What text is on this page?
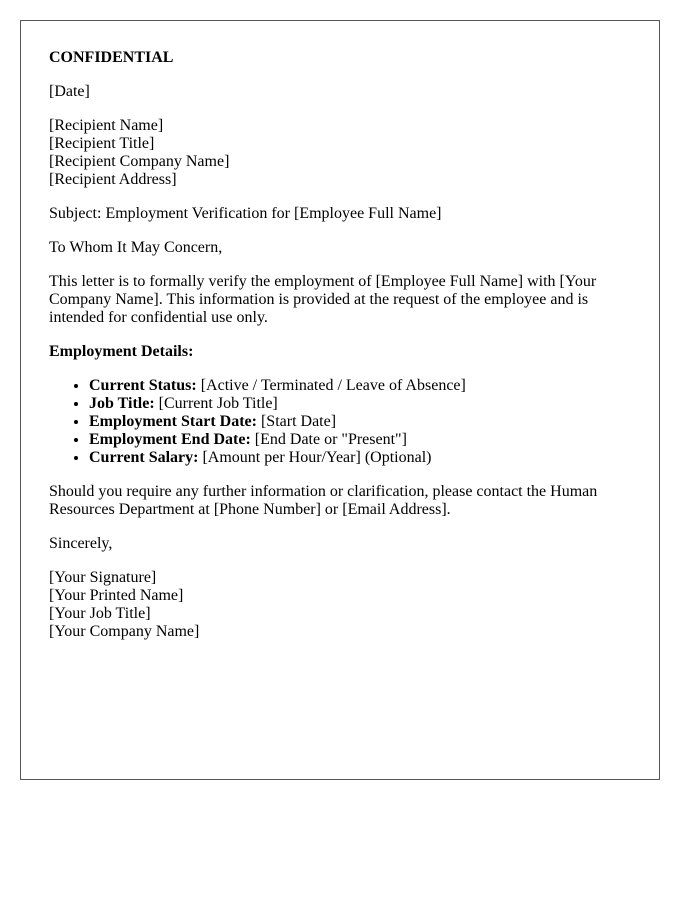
CONFIDENTIAL
[Date]
[Recipient Name]
[Recipient Title]
[Recipient Company Name]
[Recipient Address]
Subject: Employment Verification for [Employee Full Name]
To Whom It May Concern,
This letter is to formally verify the employment of [Employee Full Name] with [Your Company Name]. This information is provided at the request of the employee and is intended for confidential use only.
Employment Details:
• Current Status: [Active / Terminated / Leave of Absence]
• Job Title: [Current Job Title]
• Employment Start Date: [Start Date]
• Employment End Date: [End Date or "Present"]
• Current Salary: [Amount per Hour/Year] (Optional)
Should you require any further information or clarification, please contact the Human Resources Department at [Phone Number] or [Email Address].
Sincerely,
[Your Signature]
[Your Printed Name]
[Your Job Title]
[Your Company Name]
